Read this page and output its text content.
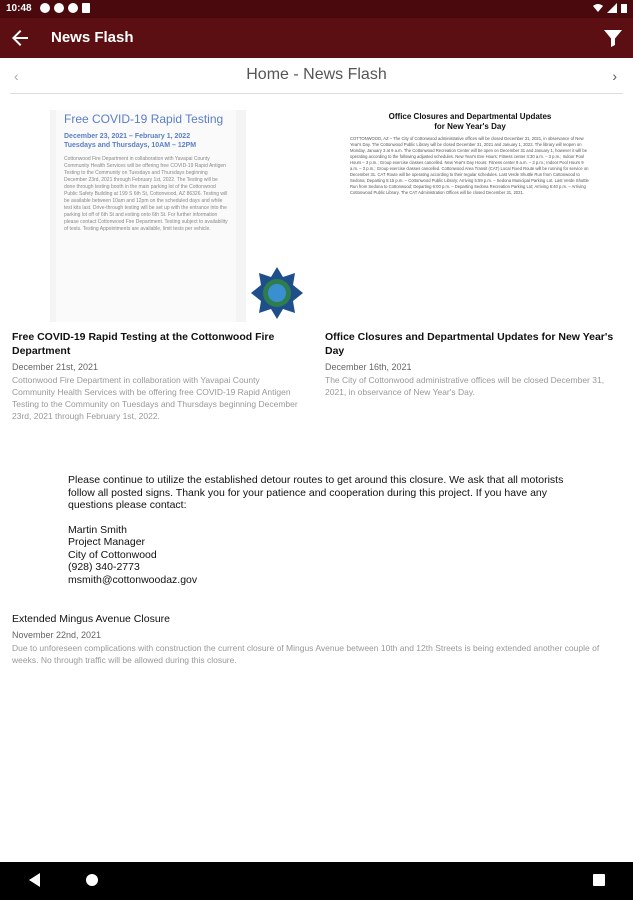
10:48
News Flash
‹	Home - News Flash	›
Free COVID-19 Rapid Testing
December 23, 2021 – February 1, 2022
Tuesdays and Thursdays, 10AM – 12PM
Cottonwood Fire Department in collaboration with Yavapai County Community Health Services will be offering free COVID-19 Rapid Antigen Testing to the Community on Tuesdays and Thursdays beginning December 23rd, 2021 through February 1st, 2022. The Testing will be done through testing booth in the main parking lot of the Cottonwood Public Safety Building at 199 S 6th St, Cottonwood, AZ 86326. Testing will be available between 10am and 12pm on the scheduled days and while test kits last. Drive-through testing will be set up with the entrance into the parking lot off of 6th St and exiting onto 6th St. For further information please contact Cottonwood Fire Department. Testing subject to availability of tests. Testing Appointments are available, limit tests per vehicle.
Office Closures and Departmental Updates
for New Year's Day
COTTONWOOD, AZ – The City of Cottonwood administrative offices will be closed December 31, 2021, in observance of New Year's Day. The Cottonwood Public Library will be closed December 31, 2021 and January 1, 2022. The library will reopen on Monday, January 3 at 9 a.m. The Cottonwood Recreation Center will be open on December 31 and January 1, however it will be operating according to the following adjusted schedules. New Year's Eve Hours: Fitness center 4:30 a.m. – 3 p.m.; Indoor Pool Hours – 3 p.m.; Group exercise classes cancelled. New Year's Day Hours: Fitness center 9 a.m. – 3 p.m.; Indoor Pool Hours 9 a.m. – 3 p.m.; Group exercise classes cancelled. Cottonwood Area Transit (CAT) Local Fixed Route will be running for service on December 31. CAT Route will be operating according to their regular schedules. Last Verde Shuttle Run from Cottonwood to Sedona; Departing 5:15 p.m. – Cottonwood Public Library; Arriving 5:59 p.m. – Sedona Municipal Parking Lot. Last Verde Shuttle Run from Sedona to Cottonwood; Departing 6:00 p.m. – Departing Sedona Recreation Parking Lot; Arriving 6:40 p.m. – Arriving Cottonwood Public Library. The CAT Administration Offices will be closed December 31, 2021.
Free COVID-19 Rapid Testing at the Cottonwood Fire Department
December 21st, 2021
Cottonwood Fire Department in collaboration with Yavapai County Community Health Services with be offering free COVID-19 Rapid Antigen Testing to the Community on Tuesdays and Thursdays beginning December 23rd, 2021 through February 1st, 2022.
Office Closures and Departmental Updates for New Year's Day
December 16th, 2021
The City of Cottonwood administrative offices will be closed December 31, 2021, in observance of New Year's Day.
Please continue to utilize the established detour routes to get around this closure. We ask that all motorists follow all posted signs. Thank you for your patience and cooperation during this project. If you have any questions please contact:
Martin Smith
Project Manager
City of Cottonwood
(928) 340-2773
msmith@cottonwoodaz.gov
Extended Mingus Avenue Closure
November 22nd, 2021
Due to unforeseen complications with construction the current closure of Mingus Avenue between 10th and 12th Streets is being extended another couple of weeks. No through traffic will be allowed during this closure.
